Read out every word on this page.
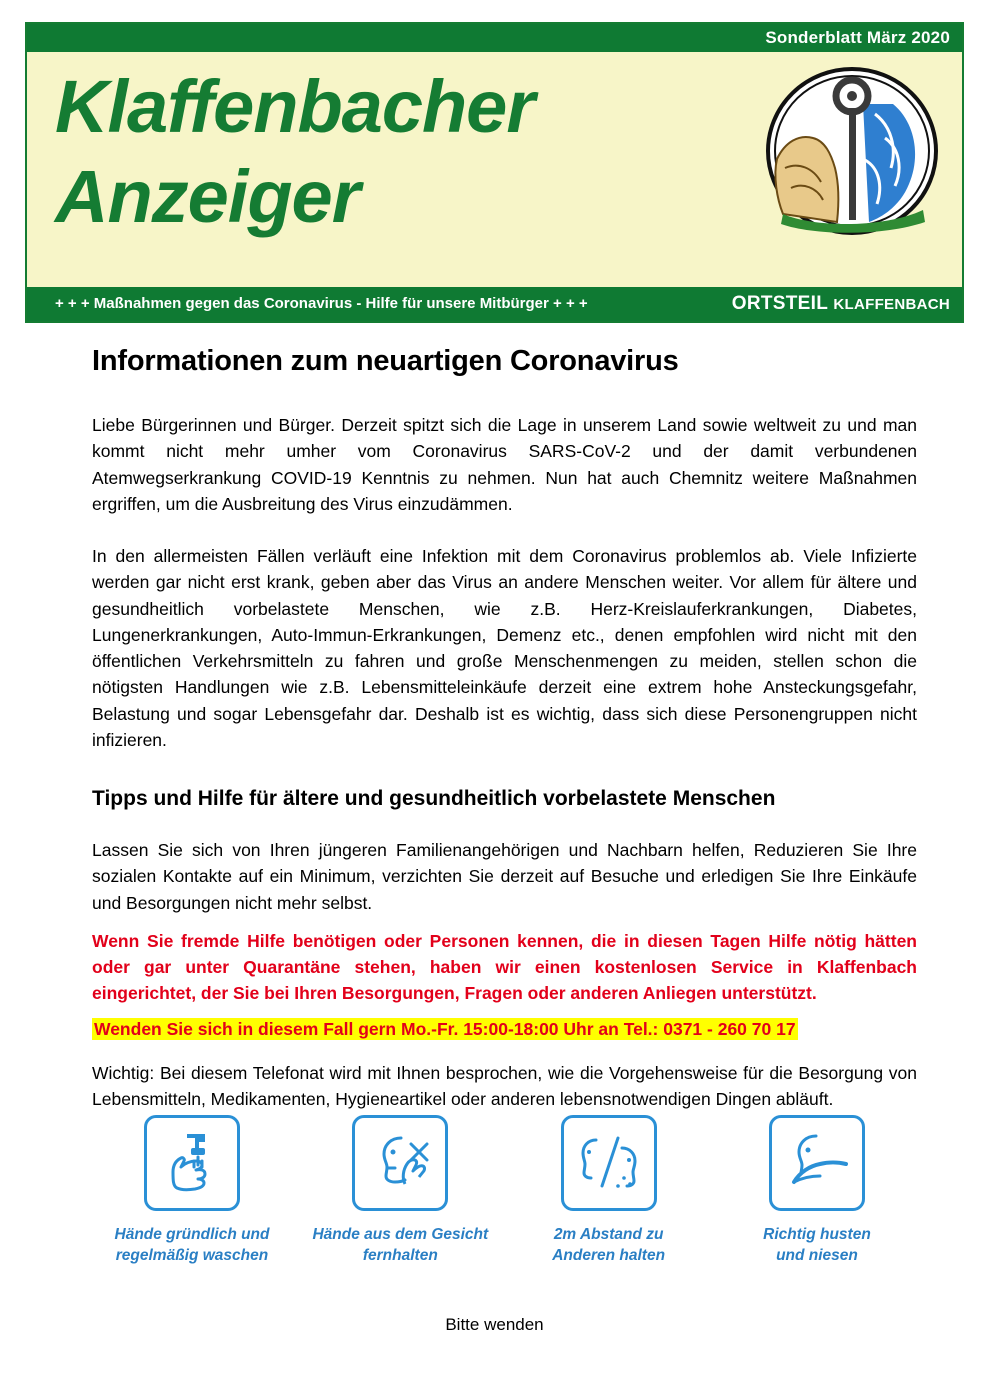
Sonderblatt März 2020
Klaffenbacher
Anzeiger
+ + + Maßnahmen gegen das Coronavirus - Hilfe für unsere Mitbürger + + +	ORTSTEIL KLAFFENBACH
Informationen zum neuartigen Coronavirus

Liebe Bürgerinnen und Bürger. Derzeit spitzt sich die Lage in unserem Land sowie weltweit zu und man kommt nicht mehr umher vom Coronavirus SARS-CoV-2 und der damit verbundenen Atemwegserkrankung COVID-19 Kenntnis zu nehmen. Nun hat auch Chemnitz weitere Maßnahmen ergriffen, um die Ausbreitung des Virus einzudämmen.

In den allermeisten Fällen verläuft eine Infektion mit dem Coronavirus problemlos ab. Viele Infizierte werden gar nicht erst krank, geben aber das Virus an andere Menschen weiter. Vor allem für ältere und gesundheitlich vorbelastete Menschen, wie z.B. Herz-Kreislauferkrankungen, Diabetes, Lungenerkrankungen, Auto-Immun-Erkrankungen, Demenz etc., denen empfohlen wird nicht mit den öffentlichen Verkehrsmitteln zu fahren und große Menschenmengen zu meiden, stellen schon die nötigsten Handlungen wie z.B. Lebensmitteleinkäufe derzeit eine extrem hohe Ansteckungsgefahr, Belastung und sogar Lebensgefahr dar. Deshalb ist es wichtig, dass sich diese Personengruppen nicht infizieren.

Tipps und Hilfe für ältere und gesundheitlich vorbelastete Menschen

Lassen Sie sich von Ihren jüngeren Familienangehörigen und Nachbarn helfen, Reduzieren Sie Ihre sozialen Kontakte auf ein Minimum, verzichten Sie derzeit auf Besuche und erledigen Sie Ihre Einkäufe und Besorgungen nicht mehr selbst.

Wenn Sie fremde Hilfe benötigen oder Personen kennen, die in diesen Tagen Hilfe nötig hätten oder gar unter Quarantäne stehen, haben wir einen kostenlosen Service in Klaffenbach eingerichtet, der Sie bei Ihren Besorgungen, Fragen oder anderen Anliegen unterstützt.

Wenden Sie sich in diesem Fall gern Mo.-Fr. 15:00-18:00 Uhr an Tel.: 0371 - 260 70 17

Wichtig: Bei diesem Telefonat wird mit Ihnen besprochen, wie die Vorgehensweise für die Besorgung von Lebensmitteln, Medikamenten, Hygieneartikel oder anderen lebensnotwendigen Dingen abläuft.

Hände gründlich und
regelmäßig waschen
Hände aus dem Gesicht
fernhalten
2m Abstand zu
Anderen halten
Richtig husten
und niesen
Bitte wenden
